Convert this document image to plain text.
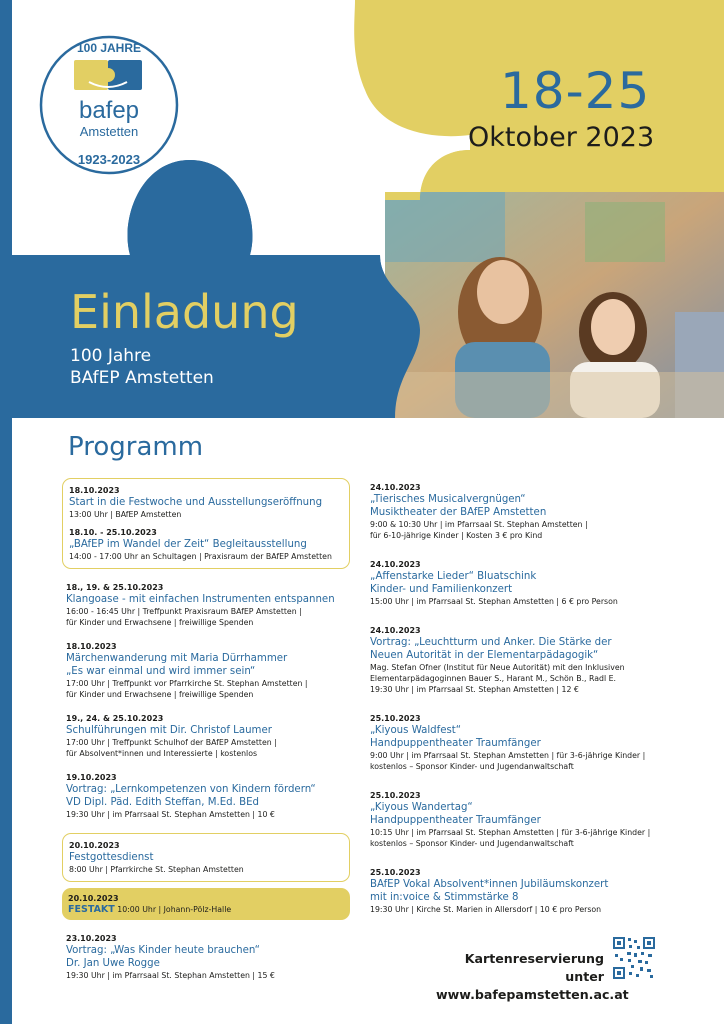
100 JAHRE
bafep
Amstetten
1923-2023
18-25
Oktober 2023
Einladung
100 Jahre
BAfEP Amstetten
Programm
18.10.2023
Start in die Festwoche und Ausstellungseröffnung
13:00 Uhr | BAfEP Amstetten
18.10. - 25.10.2023
„BAfEP im Wandel der Zeit“ Begleitausstellung
14:00 - 17:00 Uhr an Schultagen | Praxisraum der BAfEP Amstetten
18., 19. & 25.10.2023
Klangoase - mit einfachen Instrumenten entspannen
16:00 - 16:45 Uhr | Treffpunkt Praxisraum BAfEP Amstetten |
für Kinder und Erwachsene | freiwillige Spenden
18.10.2023
Märchenwanderung mit Maria Dürrhammer
„Es war einmal und wird immer sein“
17:00 Uhr | Treffpunkt vor Pfarrkirche St. Stephan Amstetten |
für Kinder und Erwachsene | freiwillige Spenden
19., 24. & 25.10.2023
Schulführungen mit Dir. Christof Laumer
17:00 Uhr | Treffpunkt Schulhof der BAfEP Amstetten |
für Absolvent*innen und Interessierte | kostenlos
19.10.2023
Vortrag: „Lernkompetenzen von Kindern fördern“
VD Dipl. Päd. Edith Steffan, M.Ed. BEd
19:30 Uhr | im Pfarrsaal St. Stephan Amstetten | 10 €
20.10.2023
Festgottesdienst
8:00 Uhr | Pfarrkirche St. Stephan Amstetten
20.10.2023
FESTAKT 10:00 Uhr | Johann-Pölz-Halle
23.10.2023
Vortrag: „Was Kinder heute brauchen“
Dr. Jan Uwe Rogge
19:30 Uhr | im Pfarrsaal St. Stephan Amstetten | 15 €
24.10.2023
„Tierisches Musicalvergnügen“
Musiktheater der BAfEP Amstetten
9:00 & 10:30 Uhr | im Pfarrsaal St. Stephan Amstetten |
für 6-10-jährige Kinder | Kosten 3 € pro Kind
24.10.2023
„Affenstarke Lieder“ Bluatschink
Kinder- und Familienkonzert
15:00 Uhr | im Pfarrsaal St. Stephan Amstetten | 6 € pro Person
24.10.2023
Vortrag: „Leuchtturm und Anker. Die Stärke der
Neuen Autorität in der Elementarpädagogik“
Mag. Stefan Ofner (Institut für Neue Autorität) mit den Inklusiven
Elementarpädagoginnen Bauer S., Harant M., Schön B., Radl E.
19:30 Uhr | im Pfarrsaal St. Stephan Amstetten | 12 €
25.10.2023
„Kiyous Waldfest“
Handpuppentheater Traumfänger
9:00 Uhr | im Pfarrsaal St. Stephan Amstetten | für 3-6-jährige Kinder |
kostenlos – Sponsor Kinder- und Jugendanwaltschaft
25.10.2023
„Kiyous Wandertag“
Handpuppentheater Traumfänger
10:15 Uhr | im Pfarrsaal St. Stephan Amstetten | für 3-6-jährige Kinder |
kostenlos – Sponsor Kinder- und Jugendanwaltschaft
25.10.2023
BAfEP Vokal Absolvent*innen Jubiläumskonzert
mit in:voice & Stimmstärke 8
19:30 Uhr | Kirche St. Marien in Allersdorf | 10 € pro Person
Kartenreservierung unter
www.bafepamstetten.ac.at
